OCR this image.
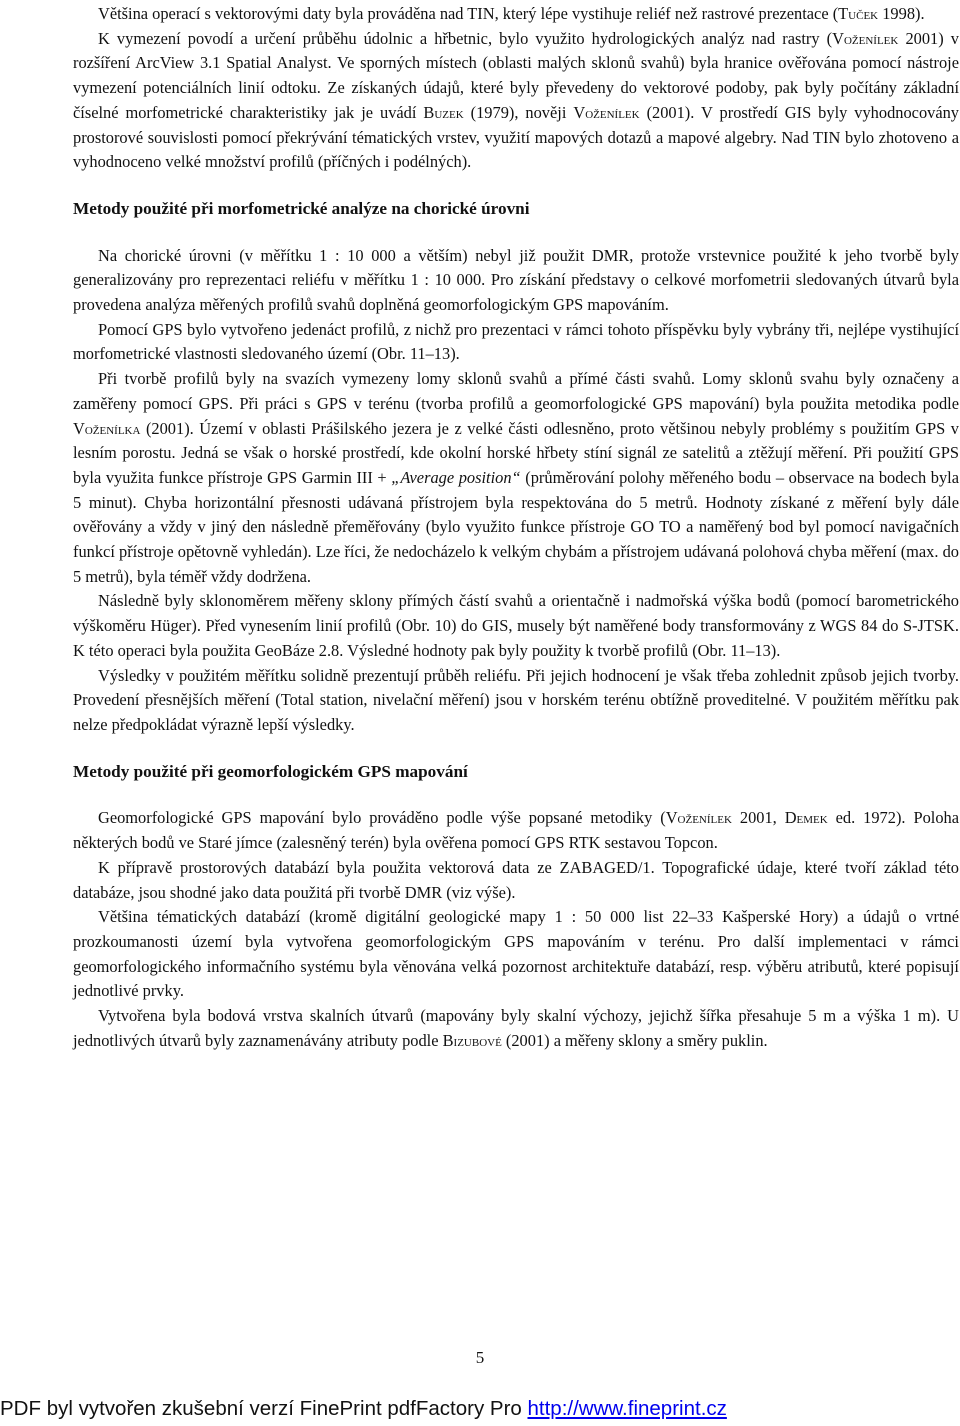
Většina operací s vektorovými daty byla prováděna nad TIN, který lépe vystihuje reliéf než rastrové prezentace (Tuček 1998).

K vymezení povodí a určení průběhu údolnic a hřbetnic, bylo využito hydrologických analýz nad rastry (Voženílek 2001) v rozšíření ArcView 3.1 Spatial Analyst. Ve sporných místech (oblasti malých sklonů svahů) byla hranice ověřována pomocí nástroje vymezení potenciálních linií odtoku. Ze získaných údajů, které byly převedeny do vektorové podoby, pak byly počítány základní číselné morfometrické charakteristiky jak je uvádí Buzek (1979), nověji Voženílek (2001). V prostředí GIS byly vyhodnocovány prostorové souvislosti pomocí překrývání tématických vrstev, využití mapových dotazů a mapové algebry. Nad TIN bylo zhotoveno a vyhodnoceno velké množství profilů (příčných i podélných).

Metody použité při morfometrické analýze na chorické úrovni

Na chorické úrovni (v měřítku 1 : 10 000 a větším) nebyl již použit DMR, protože vrstevnice použité k jeho tvorbě byly generalizovány pro reprezentaci reliéfu v měřítku 1 : 10 000. Pro získání představy o celkové morfometrii sledovaných útvarů byla provedena analýza měřených profilů svahů doplněná geomorfologickým GPS mapováním.

Pomocí GPS bylo vytvořeno jedenáct profilů, z nichž pro prezentaci v rámci tohoto příspěvku byly vybrány tři, nejlépe vystihující morfometrické vlastnosti sledovaného území (Obr. 11–13).

Při tvorbě profilů byly na svazích vymezeny lomy sklonů svahů a přímé části svahů. Lomy sklonů svahu byly označeny a zaměřeny pomocí GPS. Při práci s GPS v terénu (tvorba profilů a geomorfologické GPS mapování) byla použita metodika podle Voženílka (2001). Území v oblasti Prášilského jezera je z velké části odlesněno, proto většinou nebyly problémy s použitím GPS v lesním porostu. Jedná se však o horské prostředí, kde okolní horské hřbety stíní signál ze satelitů a ztěžují měření. Při použití GPS byla využita funkce přístroje GPS Garmin III + „Average position“ (průměrování polohy měřeného bodu – observace na bodech byla 5 minut). Chyba horizontální přesnosti udávaná přístrojem byla respektována do 5 metrů. Hodnoty získané z měření byly dále ověřovány a vždy v jiný den následně přeměřovány (bylo využito funkce přístroje GO TO a naměřený bod byl pomocí navigačních funkcí přístroje opětovně vyhledán). Lze říci, že nedocházelo k velkým chybám a přístrojem udávaná polohová chyba měření (max. do 5 metrů), byla téměř vždy dodržena.

Následně byly sklonoměrem měřeny sklony přímých částí svahů a orientačně i nadmořská výška bodů (pomocí barometrického výškoměru Hüger). Před vynesením linií profilů (Obr. 10) do GIS, musely být naměřené body transformovány z WGS 84 do S-JTSK. K této operaci byla použita GeoBáze 2.8. Výsledné hodnoty pak byly použity k tvorbě profilů (Obr. 11–13).

Výsledky v použitém měřítku solidně prezentují průběh reliéfu. Při jejich hodnocení je však třeba zohlednit způsob jejich tvorby. Provedení přesnějších měření (Total station, nivelační měření) jsou v horském terénu obtížně proveditelné. V použitém měřítku pak nelze předpokládat výrazně lepší výsledky.

Metody použité při geomorfologickém GPS mapování

Geomorfologické GPS mapování bylo prováděno podle výše popsané metodiky (Voženílek 2001, Demek ed. 1972). Poloha některých bodů ve Staré jímce (zalesněný terén) byla ověřena pomocí GPS RTK sestavou Topcon.

K přípravě prostorových databází byla použita vektorová data ze ZABAGED/1. Topografické údaje, které tvoří základ této databáze, jsou shodné jako data použitá při tvorbě DMR (viz výše).

Většina tématických databází (kromě digitální geologické mapy 1 : 50 000 list 22–33 Kašperské Hory) a údajů o vrtné prozkoumanosti území byla vytvořena geomorfologickým GPS mapováním v terénu. Pro další implementaci v rámci geomorfologického informačního systému byla věnována velká pozornost architektuře databází, resp. výběru atributů, které popisují jednotlivé prvky.

Vytvořena byla bodová vrstva skalních útvarů (mapovány byly skalní výchozy, jejichž šířka přesahuje 5 m a výška 1 m). U jednotlivých útvarů byly zaznamenávány atributy podle Bizubové (2001) a měřeny sklony a směry puklin.

5
PDF byl vytvořen zkušební verzí FinePrint pdfFactory Pro http://www.fineprint.cz
